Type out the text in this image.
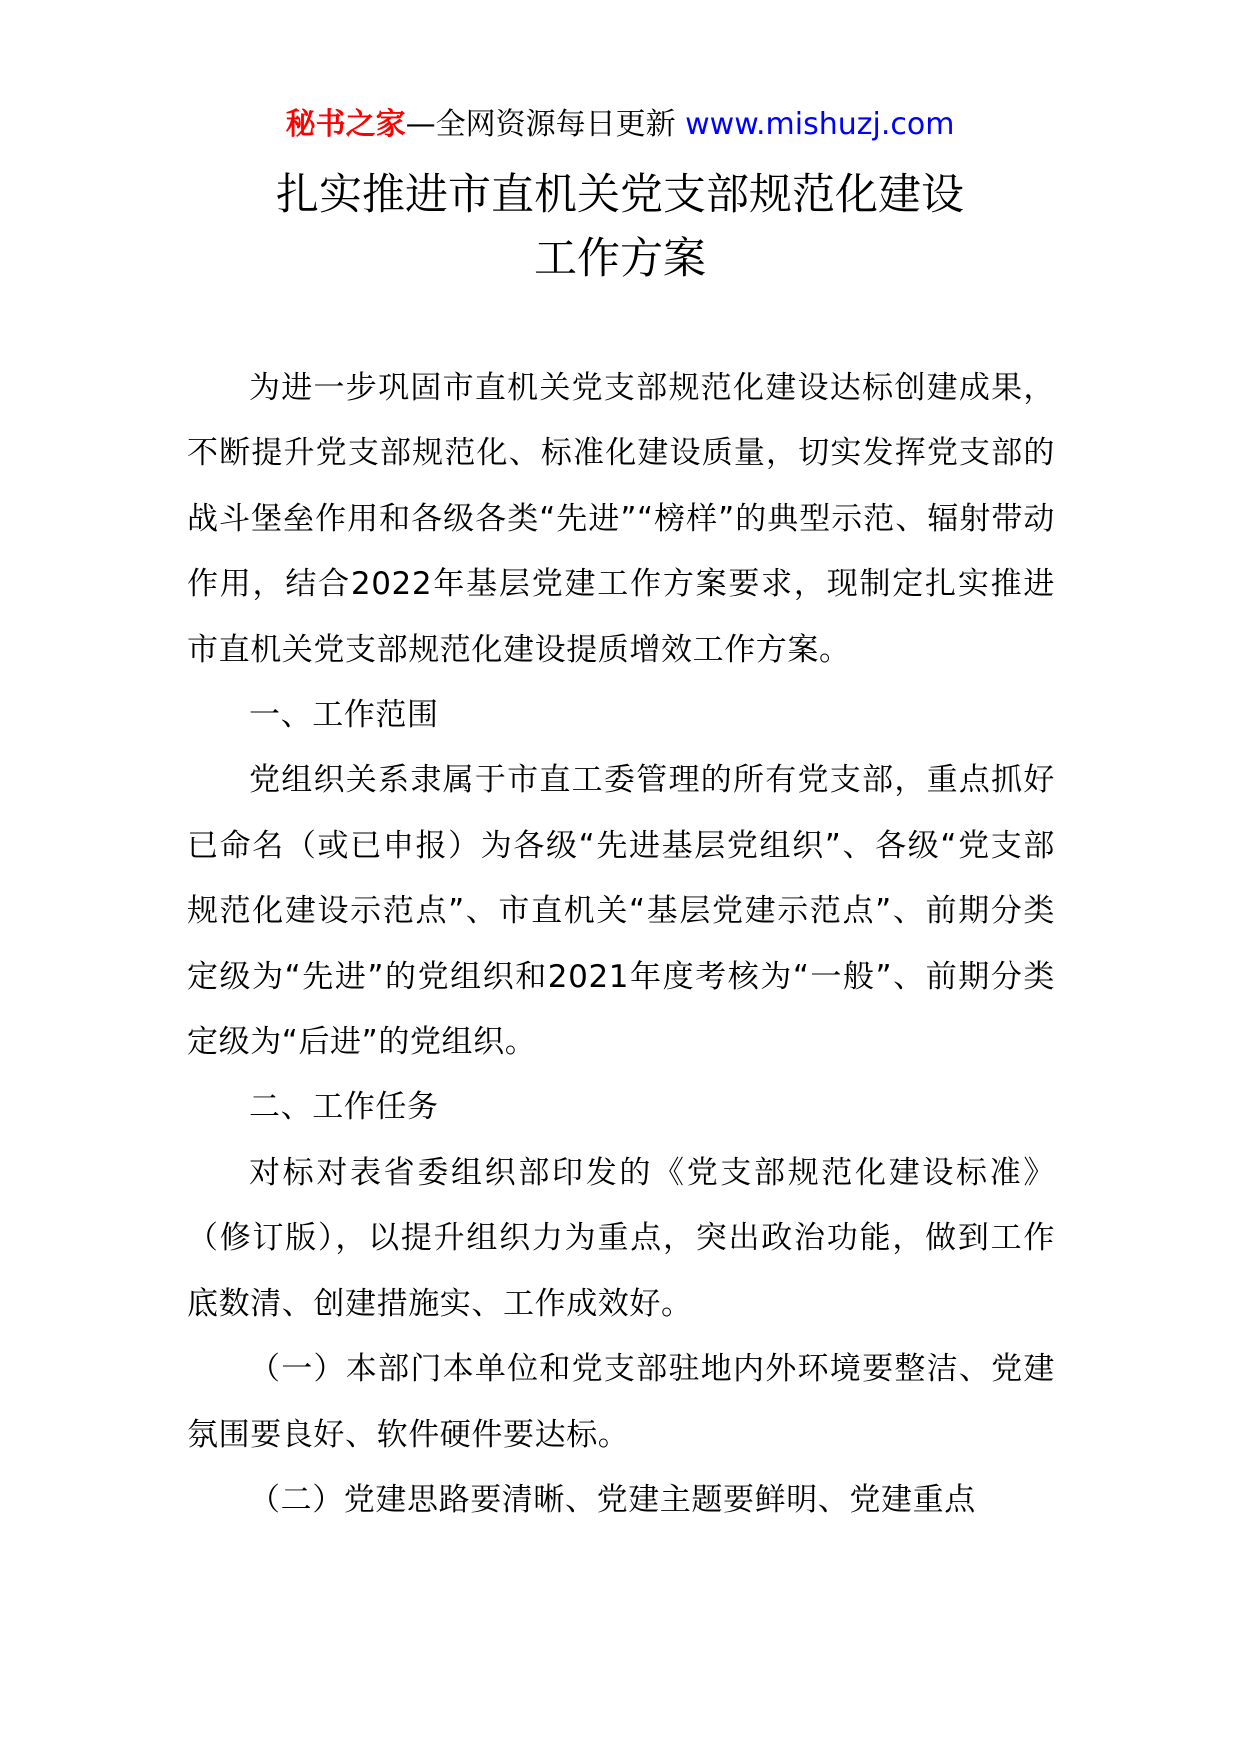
秘书之家—全网资源每日更新 www.mishuzj.com
扎实推进市直机关党支部规范化建设
工作方案

为进一步巩固市直机关党支部规范化建设达标创建成果，不断提升党支部规范化、标准化建设质量，切实发挥党支部的战斗堡垒作用和各级各类“先进”“榜样”的典型示范、辐射带动作用，结合2022年基层党建工作方案要求，现制定扎实推进市直机关党支部规范化建设提质增效工作方案。

一、工作范围

党组织关系隶属于市直工委管理的所有党支部，重点抓好已命名（或已申报）为各级“先进基层党组织”、各级“党支部规范化建设示范点”、市直机关“基层党建示范点”、前期分类定级为“先进”的党组织和2021年度考核为“一般”、前期分类定级为“后进”的党组织。

二、工作任务

对标对表省委组织部印发的《党支部规范化建设标准》（修订版），以提升组织力为重点，突出政治功能，做到工作底数清、创建措施实、工作成效好。

（一）本部门本单位和党支部驻地内外环境要整洁、党建氛围要良好、软件硬件要达标。

（二）党建思路要清晰、党建主题要鲜明、党建重点
